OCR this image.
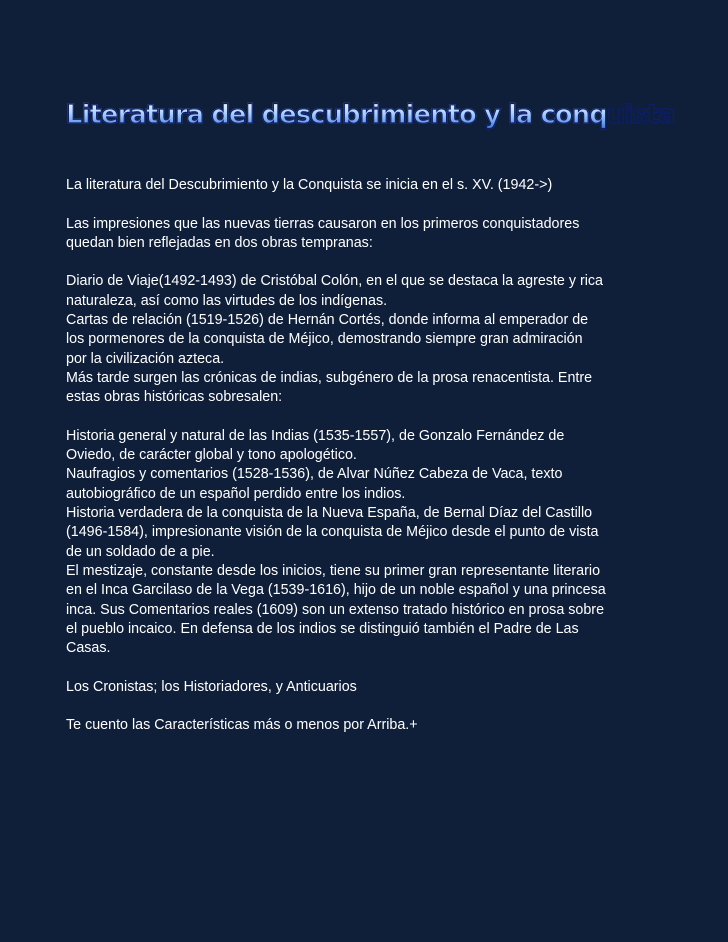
Literatura del descubrimiento y la conquista

La literatura del Descubrimiento y la Conquista se inicia en el s. XV. (1942->)

Las impresiones que las nuevas tierras causaron en los primeros conquistadores quedan bien reflejadas en dos obras tempranas:

Diario de Viaje(1492-1493) de Cristóbal Colón, en el que se destaca la agreste y rica naturaleza, así como las virtudes de los indígenas.

Cartas de relación (1519-1526) de Hernán Cortés, donde informa al emperador de los pormenores de la conquista de Méjico, demostrando siempre gran admiración por la civilización azteca.

Más tarde surgen las crónicas de indias, subgénero de la prosa renacentista. Entre estas obras históricas sobresalen:

Historia general y natural de las Indias (1535-1557), de Gonzalo Fernández de Oviedo, de carácter global y tono apologético.

Naufragios y comentarios (1528-1536), de Alvar Núñez Cabeza de Vaca, texto autobiográfico de un español perdido entre los indios.

Historia verdadera de la conquista de la Nueva España, de Bernal Díaz del Castillo (1496-1584), impresionante visión de la conquista de Méjico desde el punto de vista de un soldado de a pie.

El mestizaje, constante desde los inicios, tiene su primer gran representante literario en el Inca Garcilaso de la Vega (1539-1616), hijo de un noble español y una princesa inca. Sus Comentarios reales (1609) son un extenso tratado histórico en prosa sobre el pueblo incaico. En defensa de los indios se distinguió también el Padre de Las Casas.

Los Cronistas; los Historiadores, y Anticuarios

Te cuento las Características más o menos por Arriba.+
